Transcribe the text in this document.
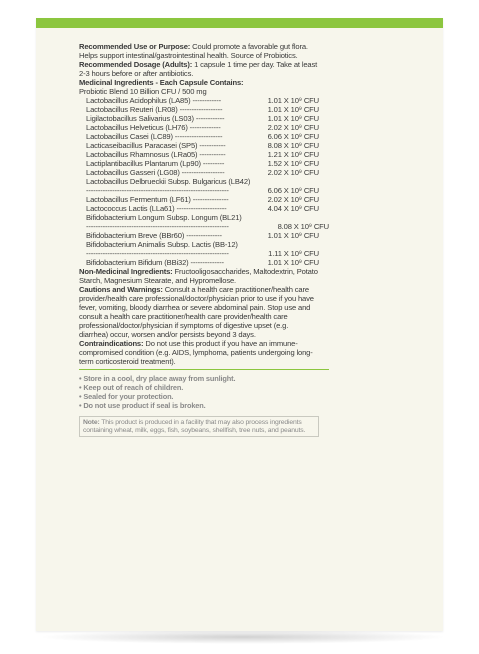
Recommended Use or Purpose: Could promote a favorable gut flora. Helps support intestinal/gastrointestinal health. Source of Probiotics.
Recommended Dosage (Adults): 1 capsule 1 time per day. Take at least 2-3 hours before or after antibiotics.
Medicinal Ingredients - Each Capsule Contains:
Probiotic Blend 10 Billion CFU / 500 mg
Lactobacillus Acidophilus (LA85) ------------	1.01 X 10⁹ CFU
Lactobacillus Reuteri (LR08) ------------------	1.01 X 10⁹ CFU
Ligilactobacillus Salivarius (LS03) ------------	1.01 X 10⁹ CFU
Lactobacillus Helveticus (LH76) -------------	2.02 X 10⁹ CFU
Lactobacillus Casei (LC89) --------------------	6.06 X 10⁹ CFU
Lacticaseibacillus Paracasei (SP5) -----------	8.08 X 10⁹ CFU
Lactobacillus Rhamnosus (LRa05) -----------	1.21 X 10⁹ CFU
Lactiplantibacillus Plantarum (Lp90) ---------	1.52 X 10⁹ CFU
Lactobacillus Gasseri (LG08) ------------------	2.02 X 10⁹ CFU
Lactobacillus Delbrueckii Subsp. Bulgaricus (LB42)
------------------------------------------------------------	6.06 X 10⁹ CFU
Lactobacillus Fermentum (LF61) ---------------	2.02 X 10⁹ CFU
Lactococcus Lactis (LLa61) ---------------------	4.04 X 10⁹ CFU
Bifidobacterium Longum Subsp. Longum (BL21)
------------------------------------------------------------	8.08 X 10⁹ CFU
Bifidobacterium Breve (BBr60) ---------------	1.01 X 10⁹ CFU
Bifidobacterium Animalis Subsp. Lactis (BB-12)
------------------------------------------------------------	1.11 X 10⁹ CFU
Bifidobacterium Bifidum (BBi32) --------------	1.01 X 10⁹ CFU
Non-Medicinal Ingredients: Fructooligosaccharides, Maltodextrin, Potato Starch, Magnesium Stearate, and Hypromellose.
Cautions and Warnings: Consult a health care practitioner/health care provider/health care professional/doctor/physician prior to use if you have fever, vomiting, bloody diarrhea or severe abdominal pain. Stop use and consult a health care practitioner/health care provider/health care professional/doctor/physician if symptoms of digestive upset (e.g. diarrhea) occur, worsen and/or persists beyond 3 days.
Contraindications: Do not use this product if you have an immune-compromised condition (e.g. AIDS, lymphoma, patients undergoing long-term corticosteroid treatment).
• Store in a cool, dry place away from sunlight.
• Keep out of reach of children.
• Sealed for your protection.
• Do not use product if seal is broken.
Note: This product is produced in a facility that may also process ingredients containing wheat, milk, eggs, fish, soybeans, shellfish, tree nuts, and peanuts.
